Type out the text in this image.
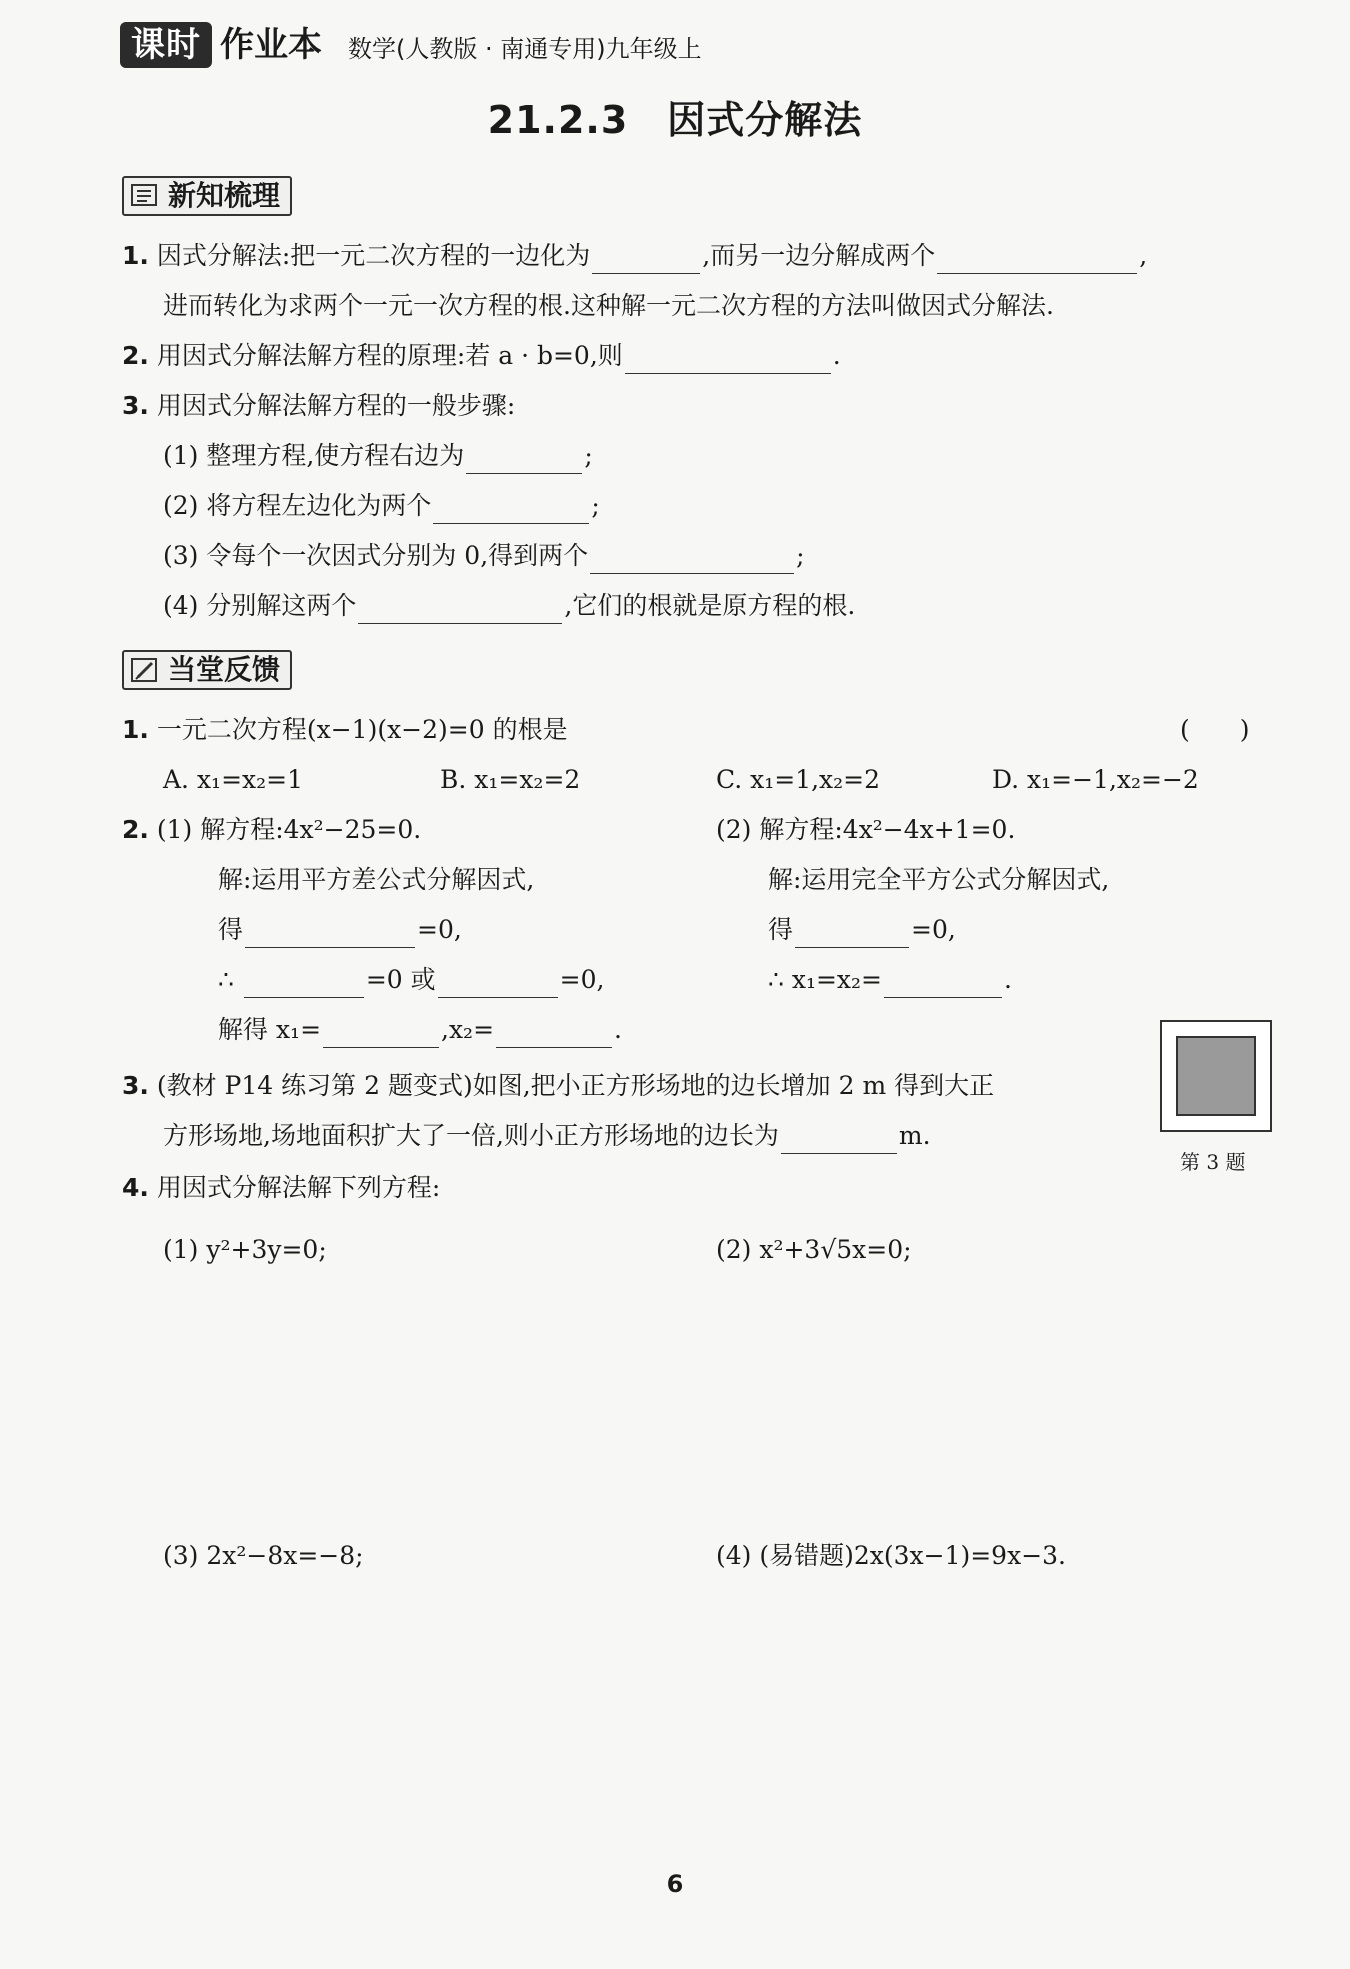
课时 作业本 数学(人教版 · 南通专用)九年级上
21.2.3　因式分解法
新知梳理
1. 因式分解法:把一元二次方程的一边化为	,而另一边分解成两个	,
进而转化为求两个一元一次方程的根.这种解一元二次方程的方法叫做因式分解法.
2. 用因式分解法解方程的原理:若 a · b=0,则	.
3. 用因式分解法解方程的一般步骤:
(1) 整理方程,使方程右边为	;
(2) 将方程左边化为两个	;
(3) 令每个一次因式分别为 0,得到两个	;
(4) 分别解这两个	,它们的根就是原方程的根.
当堂反馈
1. 一元二次方程(x−1)(x−2)=0 的根是	(　　)
A. x₁=x₂=1	B. x₁=x₂=2	C. x₁=1,x₂=2	D. x₁=−1,x₂=−2
2. (1) 解方程:4x²−25=0.
解:运用平方差公式分解因式,
得	=0,
∴	=0 或	=0,
解得 x₁=	,x₂=	.
(2) 解方程:4x²−4x+1=0.
解:运用完全平方公式分解因式,
得	=0,
∴ x₁=x₂=	.
3. (教材 P14 练习第 2 题变式)如图,把小正方形场地的边长增加 2 m 得到大正
方形场地,场地面积扩大了一倍,则小正方形场地的边长为	m.
第 3 题
4. 用因式分解法解下列方程:
(1) y²+3y=0;	(2) x²+3√5x=0;
(3) 2x²−8x=−8;	(4) (易错题)2x(3x−1)=9x−3.
6
